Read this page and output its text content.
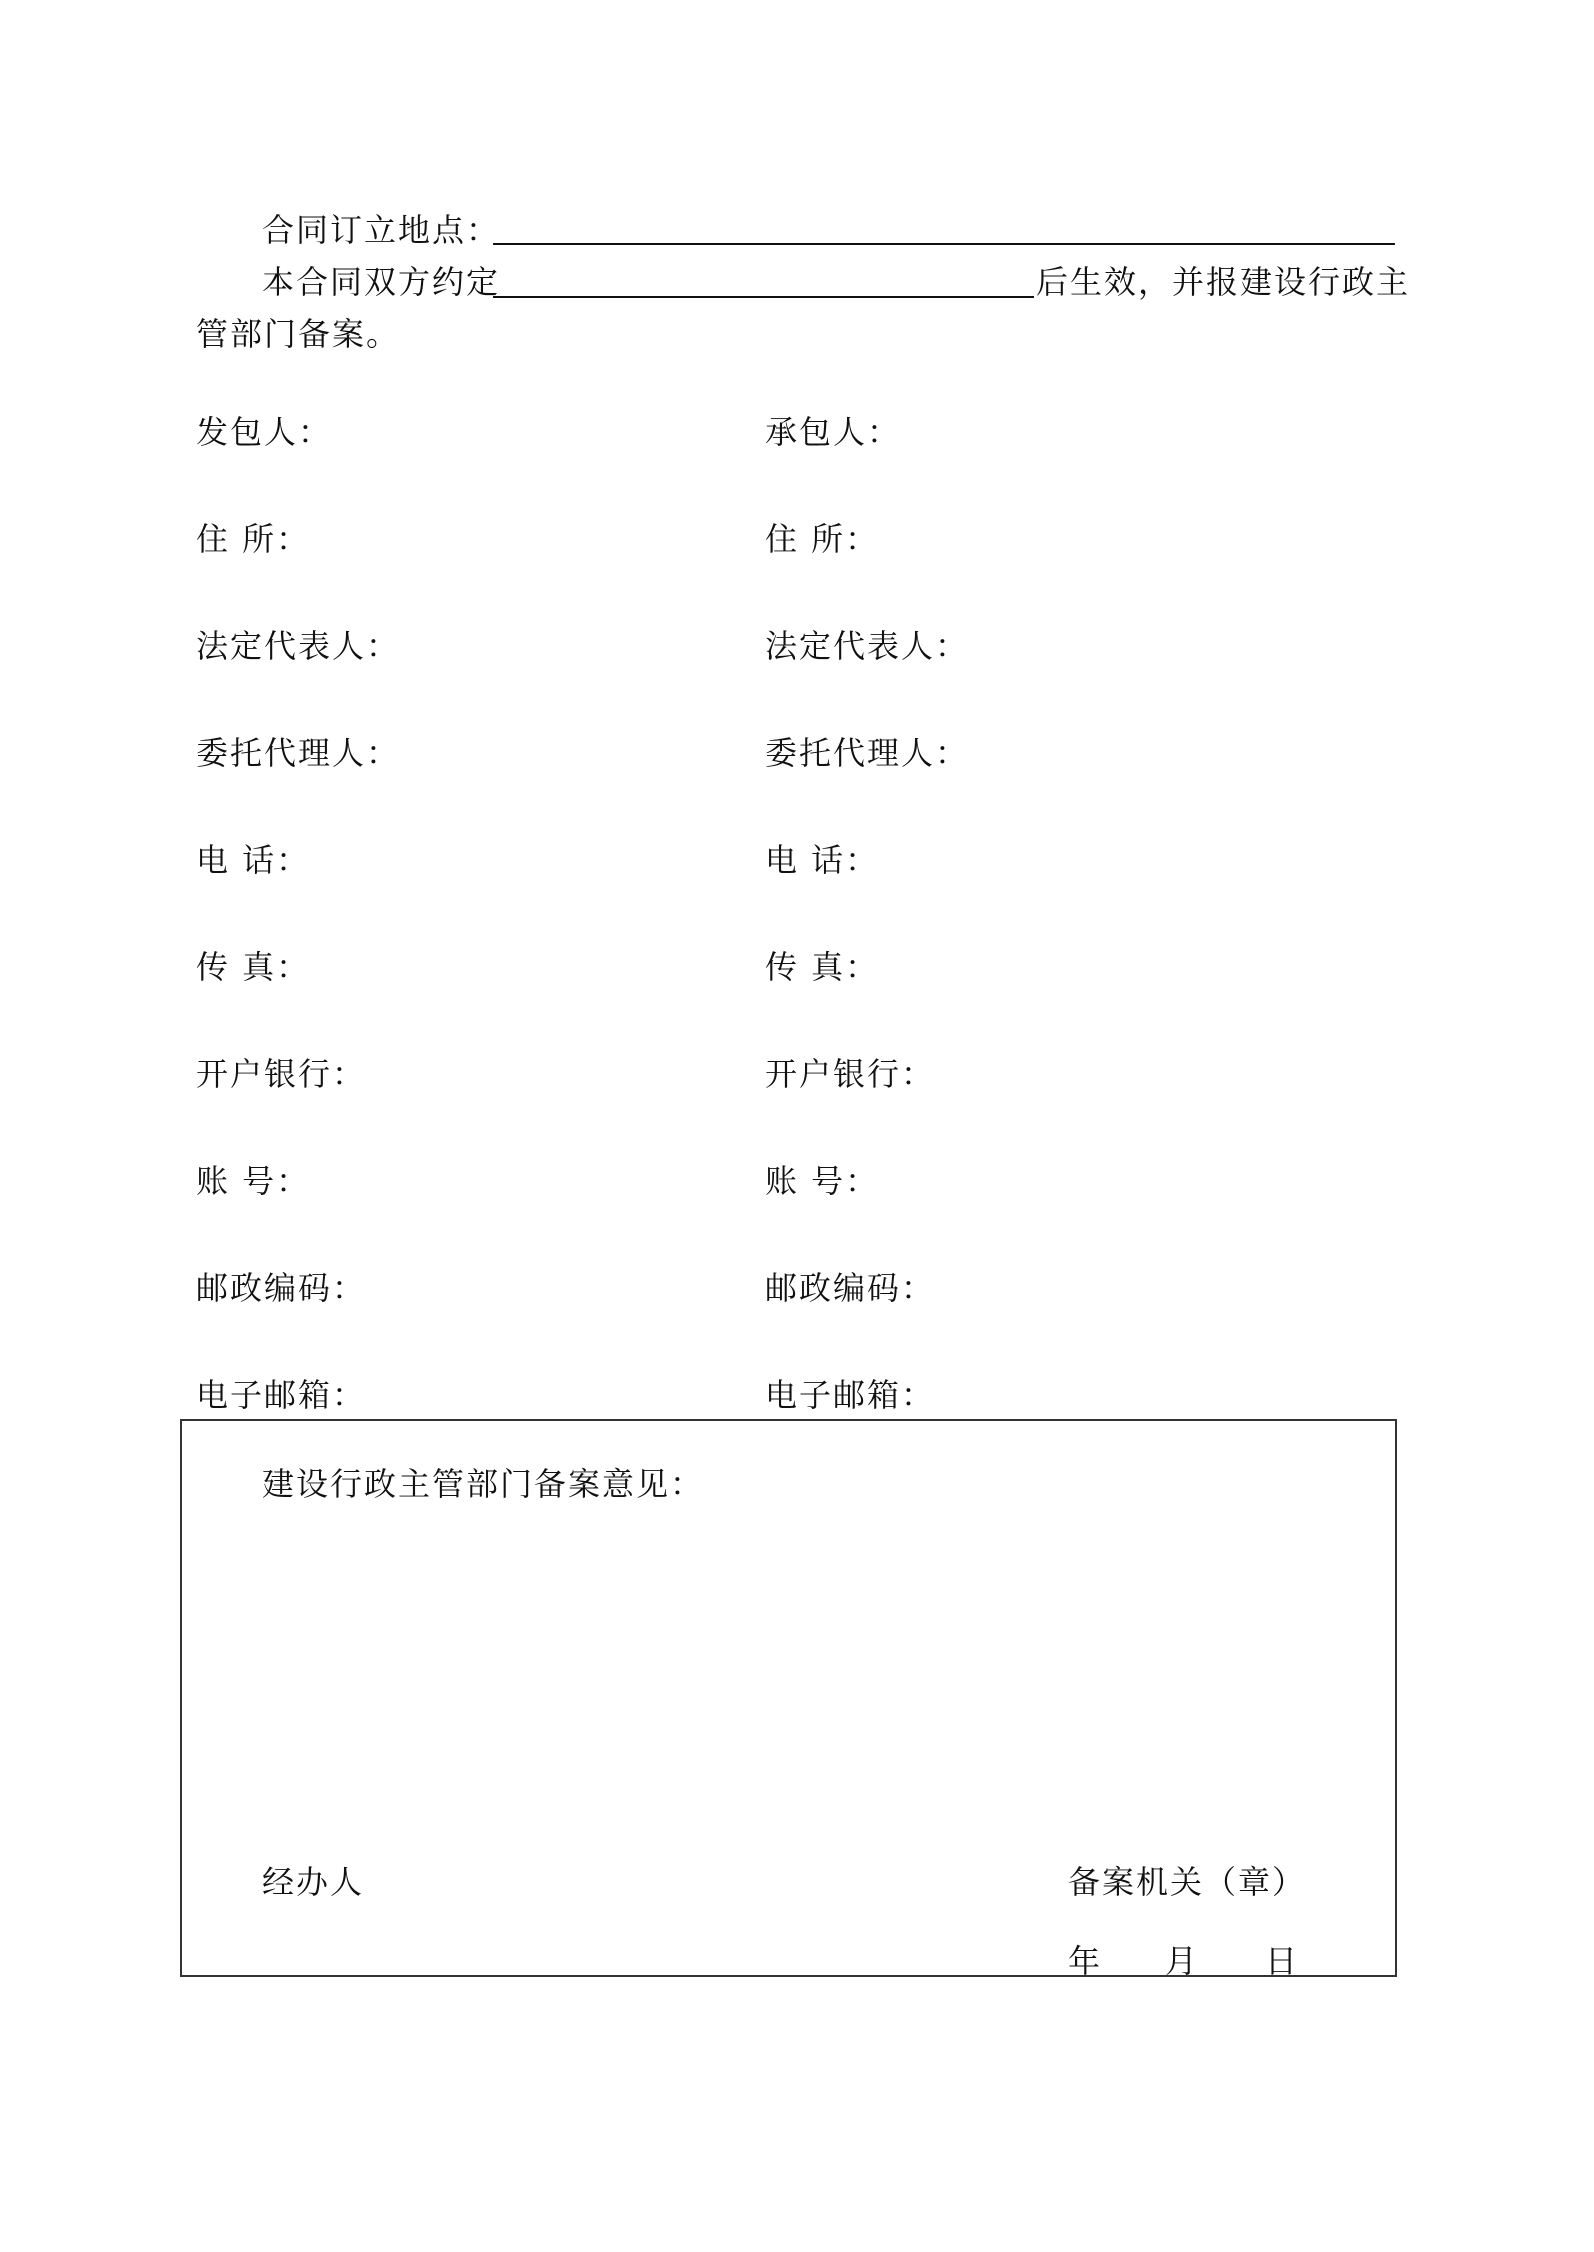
合同订立地点：
本合同双方约定	后生效，并报建设行政主
管部门备案。
发包人：
住 所：
法定代表人：
委托代理人：
电 话：
传 真：
开户银行：
账 号：
邮政编码：
电子邮箱：
承包人：
住 所：
法定代表人：
委托代理人：
电 话：
传 真：
开户银行：
账 号：
邮政编码：
电子邮箱：
建设行政主管部门备案意见：
经办人	备案机关（章）
年 月 日
